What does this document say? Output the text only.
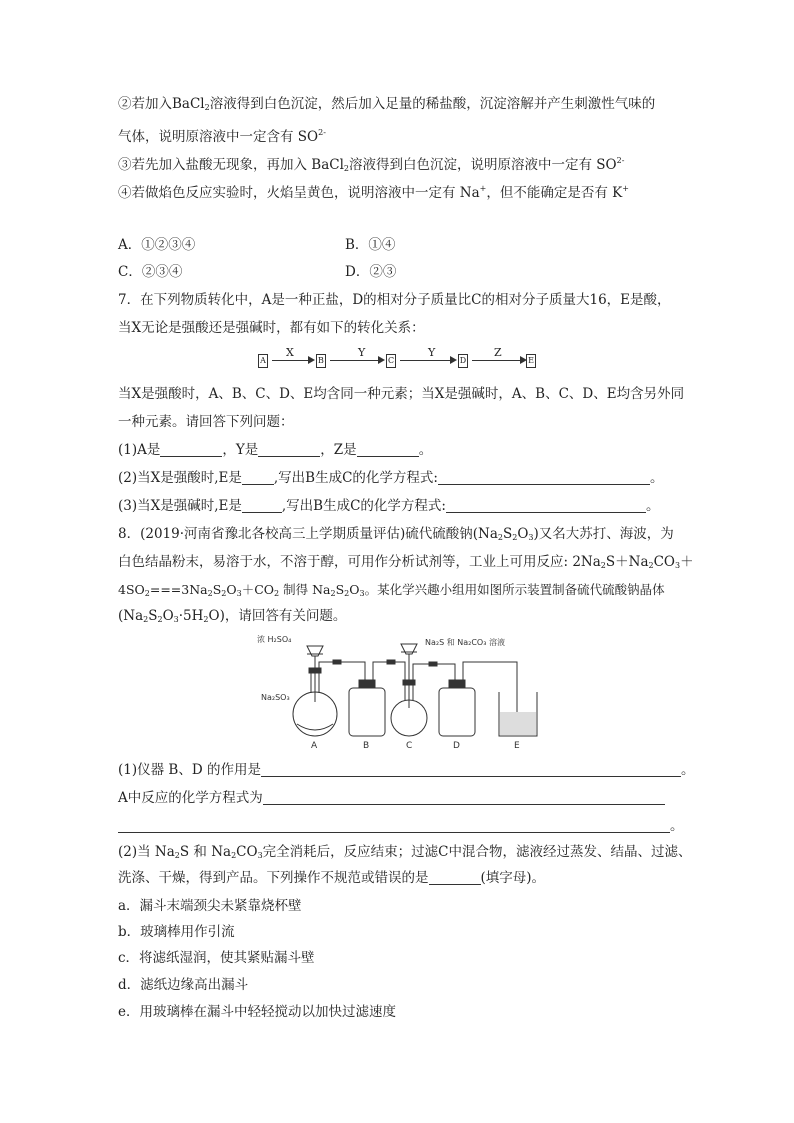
②若加入BaCl$_2$溶液得到白色沉淀，然后加入足量的稀盐酸，沉淀溶解并产生刺激性气味的
气体，说明原溶液中一定含有 $SO^{2-}$
③若先加入盐酸无现象，再加入 BaCl$_2$溶液得到白色沉淀，说明原溶液中一定有 $SO^{2-}$
④若做焰色反应实验时，火焰呈黄色，说明溶液中一定有 Na+，但不能确定是否有 K+
A．①②③④	B．①④
C．②③④	D．②③
7．在下列物质转化中，A是一种正盐，D的相对分子质量比C的相对分子质量大16，E是酸，
当X无论是强酸还是强碱时，都有如下的转化关系：
A
X
B
Y
C
Y
D
Z
E
当X是强酸时，A、B、C、D、E均含同一种元素；当X是强碱时，A、B、C、D、E均含另外同
一种元素。请回答下列问题：
(1)A是	，Y是	，Z是	。
(2)当X是强酸时,E是 ,写出B生成C的化学方程式:	。
(3)当X是强碱时,E是	,写出B生成C的化学方程式:	。
8．(2019·河南省豫北各校高三上学期质量评估)硫代硫酸钠$(Na_2S_2O_3)$又名大苏打、海波，为
白色结晶粉末，易溶于水，不溶于醇，可用作分析试剂等，工业上可用反应: $2Na_2S+Na_2CO_3+$
$4SO_2===3Na_2S_2O_3+CO_2$ 制得 $Na_2S_2O_3$。某化学兴趣小组用如图所示装置制备硫代硫酸钠晶体
$(Na_2S_2O_3\cdot 5H_2O)$，请回答有关问题。
浓 H₂SO₄	Na₂S 和 Na₂CO₃ 溶液
Na₂SO₃
A	B	C	D	E
(1)仪器 B、D 的作用是	。
A中反应的化学方程式为
。
(2)当 $Na_2S$ 和 $Na_2CO_3$完全消耗后，反应结束；过滤C中混合物，滤液经过蒸发、结晶、过滤、
洗涤、干燥，得到产品。下列操作不规范或错误的是	(填字母)。
a．漏斗末端颈尖未紧靠烧杯壁
b．玻璃棒用作引流
c．将滤纸湿润，使其紧贴漏斗壁
d．滤纸边缘高出漏斗
e．用玻璃棒在漏斗中轻轻搅动以加快过滤速度
